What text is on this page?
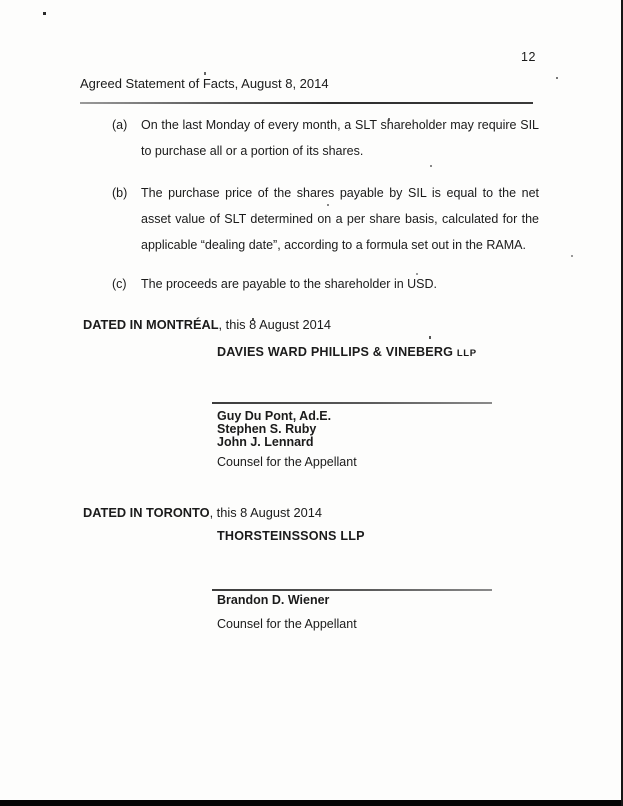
12
Agreed Statement of Facts, August 8, 2014
(a)	On the last Monday of every month, a SLT shareholder may require SIL to purchase all or a portion of its shares.
(b)	The purchase price of the shares payable by SIL is equal to the net asset value of SLT determined on a per share basis, calculated for the applicable “dealing date”, according to a formula set out in the RAMA.
(c)	The proceeds are payable to the shareholder in USD.
DATED IN MONTRÉAL, this 8 August 2014
DAVIES WARD PHILLIPS & VINEBERG LLP
Guy Du Pont, Ad.E.
Stephen S. Ruby
John J. Lennard
Counsel for the Appellant
DATED IN TORONTO, this 8 August 2014
THORSTEINSSONS LLP
Brandon D. Wiener
Counsel for the Appellant
